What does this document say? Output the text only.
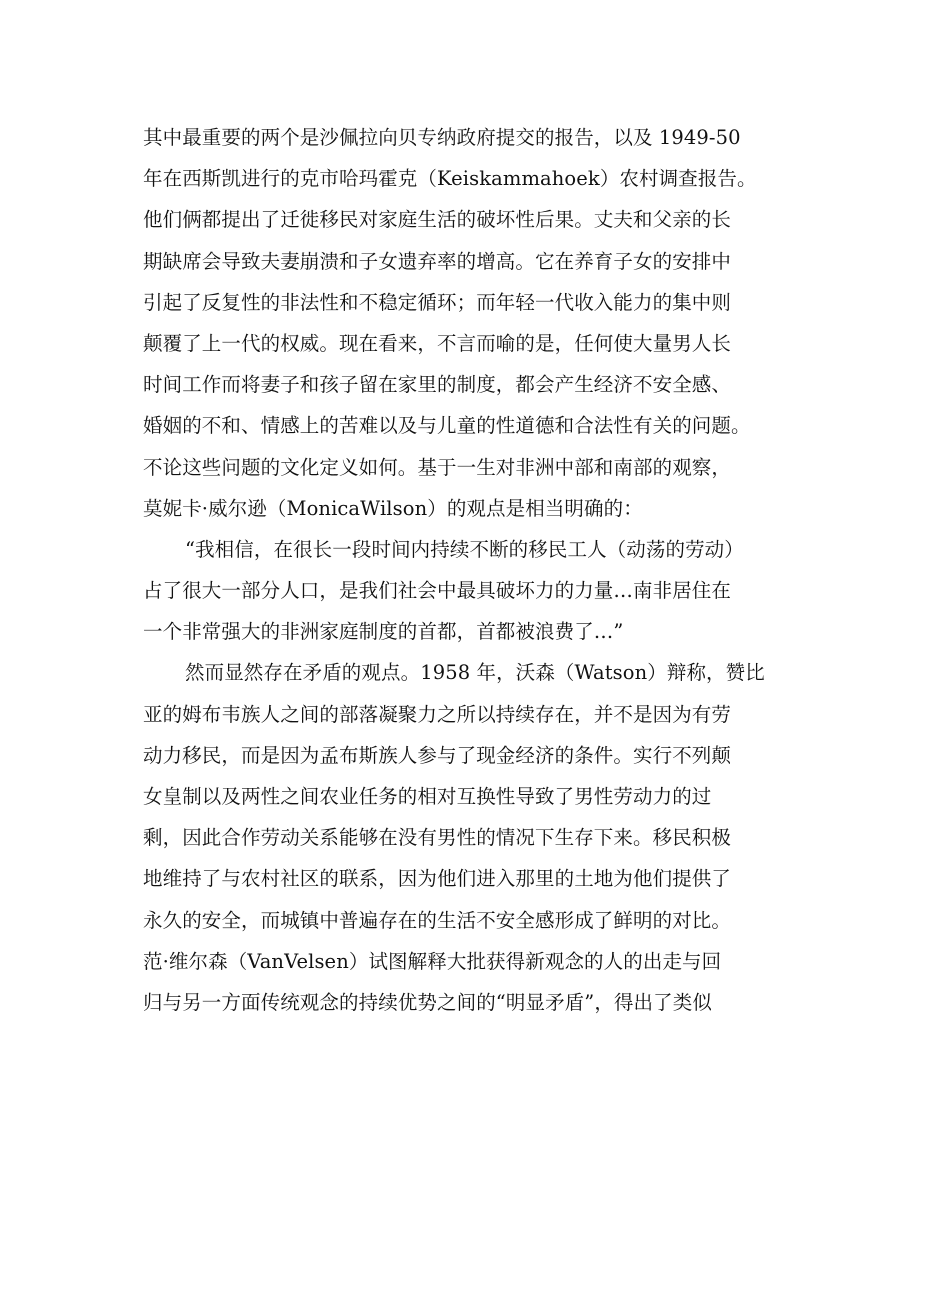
其中最重要的两个是沙佩拉向贝专纳政府提交的报告，以及 1949-50
年在西斯凯进行的克市哈玛霍克（Keiskammahoek）农村调查报告。
他们俩都提出了迁徙移民对家庭生活的破坏性后果。丈夫和父亲的长
期缺席会导致夫妻崩溃和子女遗弃率的增高。它在养育子女的安排中
引起了反复性的非法性和不稳定循环；而年轻一代收入能力的集中则
颠覆了上一代的权威。现在看来，不言而喻的是，任何使大量男人长
时间工作而将妻子和孩子留在家里的制度，都会产生经济不安全感、
婚姻的不和、情感上的苦难以及与儿童的性道德和合法性有关的问题。
不论这些问题的文化定义如何。基于一生对非洲中部和南部的观察，
莫妮卡·威尔逊（MonicaWilson）的观点是相当明确的：
“我相信，在很长一段时间内持续不断的移民工人（动荡的劳动）
占了很大一部分人口，是我们社会中最具破坏力的力量…南非居住在
一个非常强大的非洲家庭制度的首都，首都被浪费了…”
然而显然存在矛盾的观点。1958 年，沃森（Watson）辩称，赞比
亚的姆布韦族人之间的部落凝聚力之所以持续存在，并不是因为有劳
动力移民，而是因为孟布斯族人参与了现金经济的条件。实行不列颠
女皇制以及两性之间农业任务的相对互换性导致了男性劳动力的过
剩，因此合作劳动关系能够在没有男性的情况下生存下来。移民积极
地维持了与农村社区的联系，因为他们进入那里的土地为他们提供了
永久的安全，而城镇中普遍存在的生活不安全感形成了鲜明的对比。
范·维尔森（VanVelsen）试图解释大批获得新观念的人的出走与回
归与另一方面传统观念的持续优势之间的“明显矛盾”，得出了类似
